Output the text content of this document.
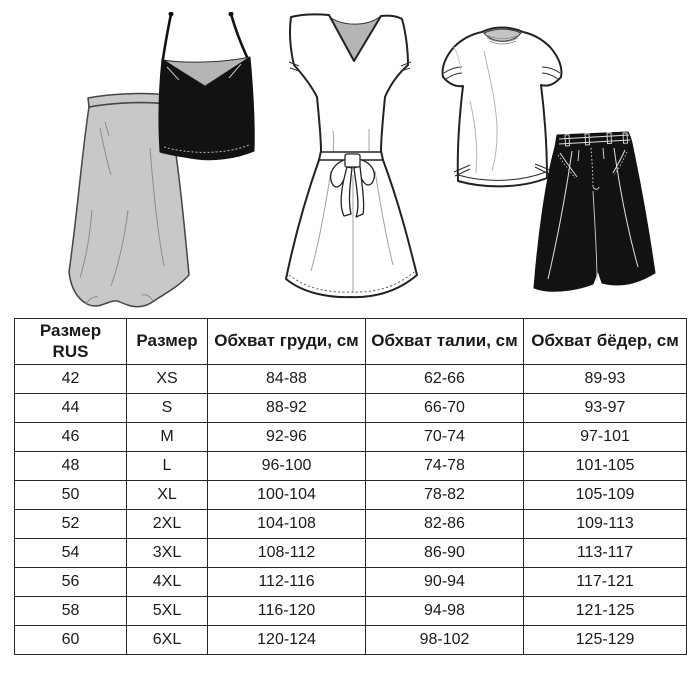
Размер
RUS	Размер	Обхват груди, см	Обхват талии, см	Обхват бёдер, см

42	XS	84-88	62-66	89-93
44	S	88-92	66-70	93-97
46	M	92-96	70-74	97-101
48	L	96-100	74-78	101-105
50	XL	100-104	78-82	105-109
52	2XL	104-108	82-86	109-113
54	3XL	108-112	86-90	113-117
56	4XL	112-116	90-94	117-121
58	5XL	116-120	94-98	121-125
60	6XL	120-124	98-102	125-129
